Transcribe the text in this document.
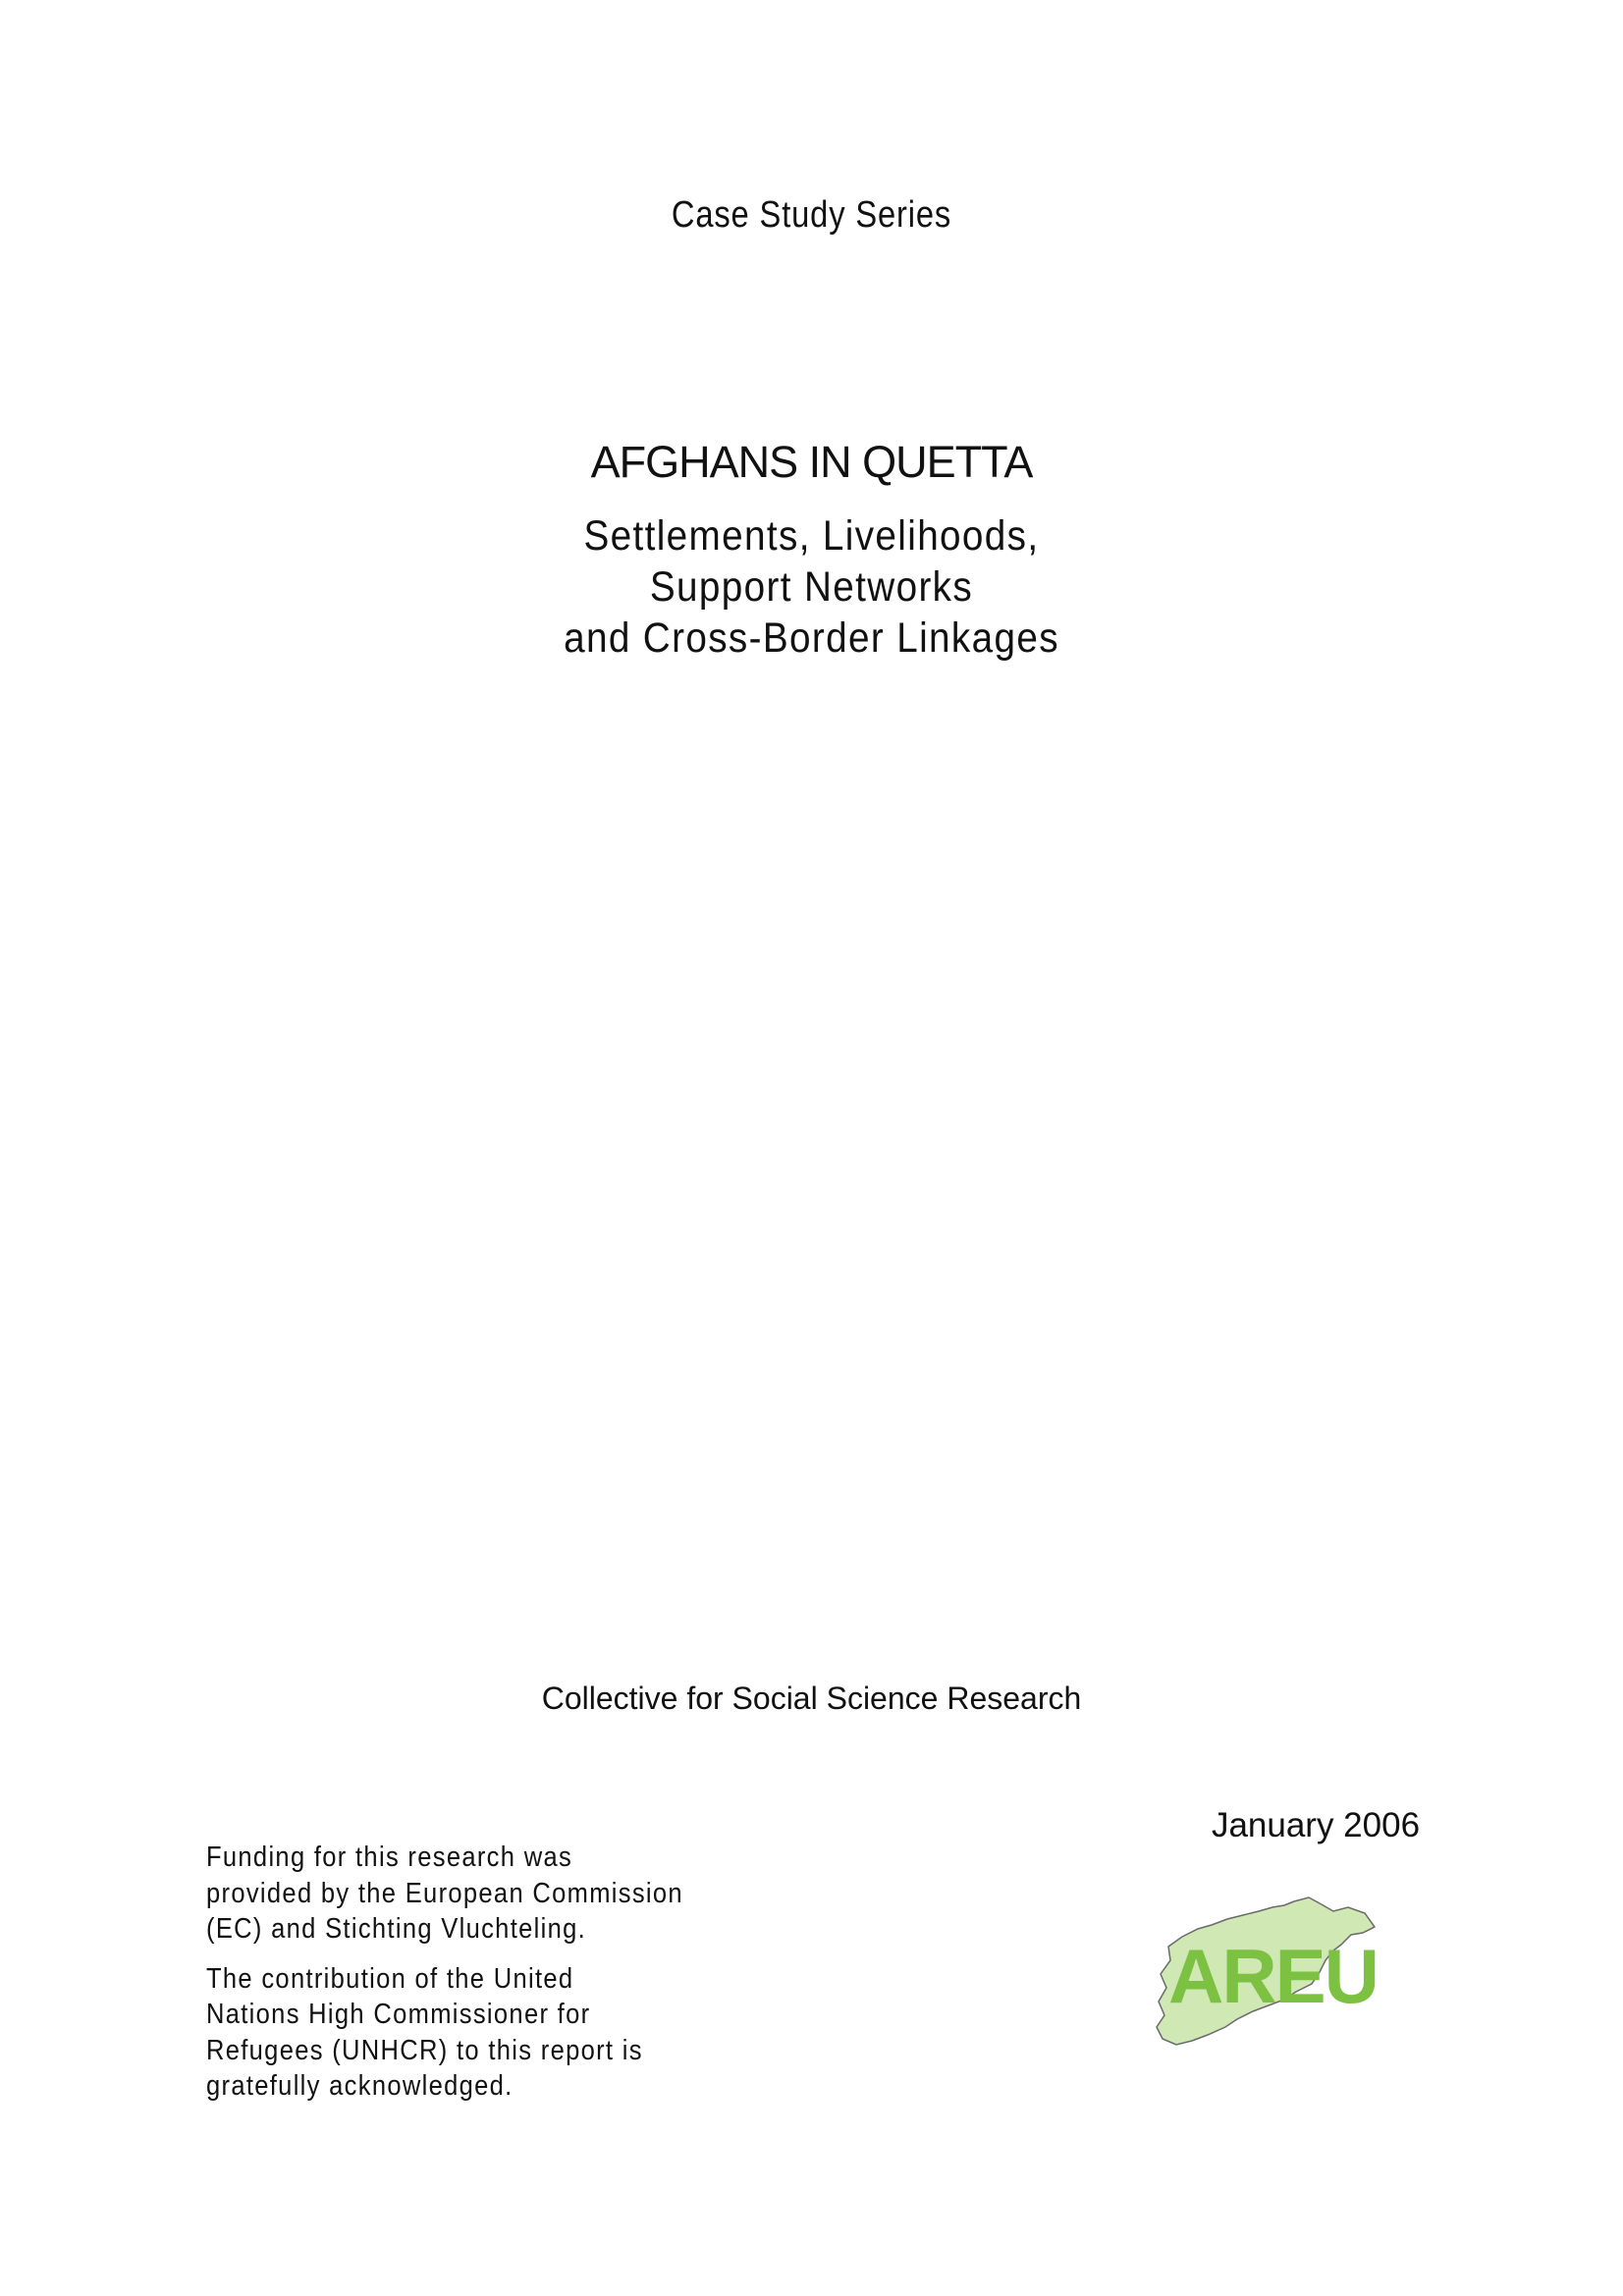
Case Study Series
AFGHANS IN QUETTA
Settlements, Livelihoods,
Support Networks
and Cross-Border Linkages
Collective for Social Science Research
January 2006

Funding for this research was
provided by the European Commission
(EC) and Stichting Vluchteling.

The contribution of the United
Nations High Commissioner for
Refugees (UNHCR) to this report is
gratefully acknowledged.

AREU
